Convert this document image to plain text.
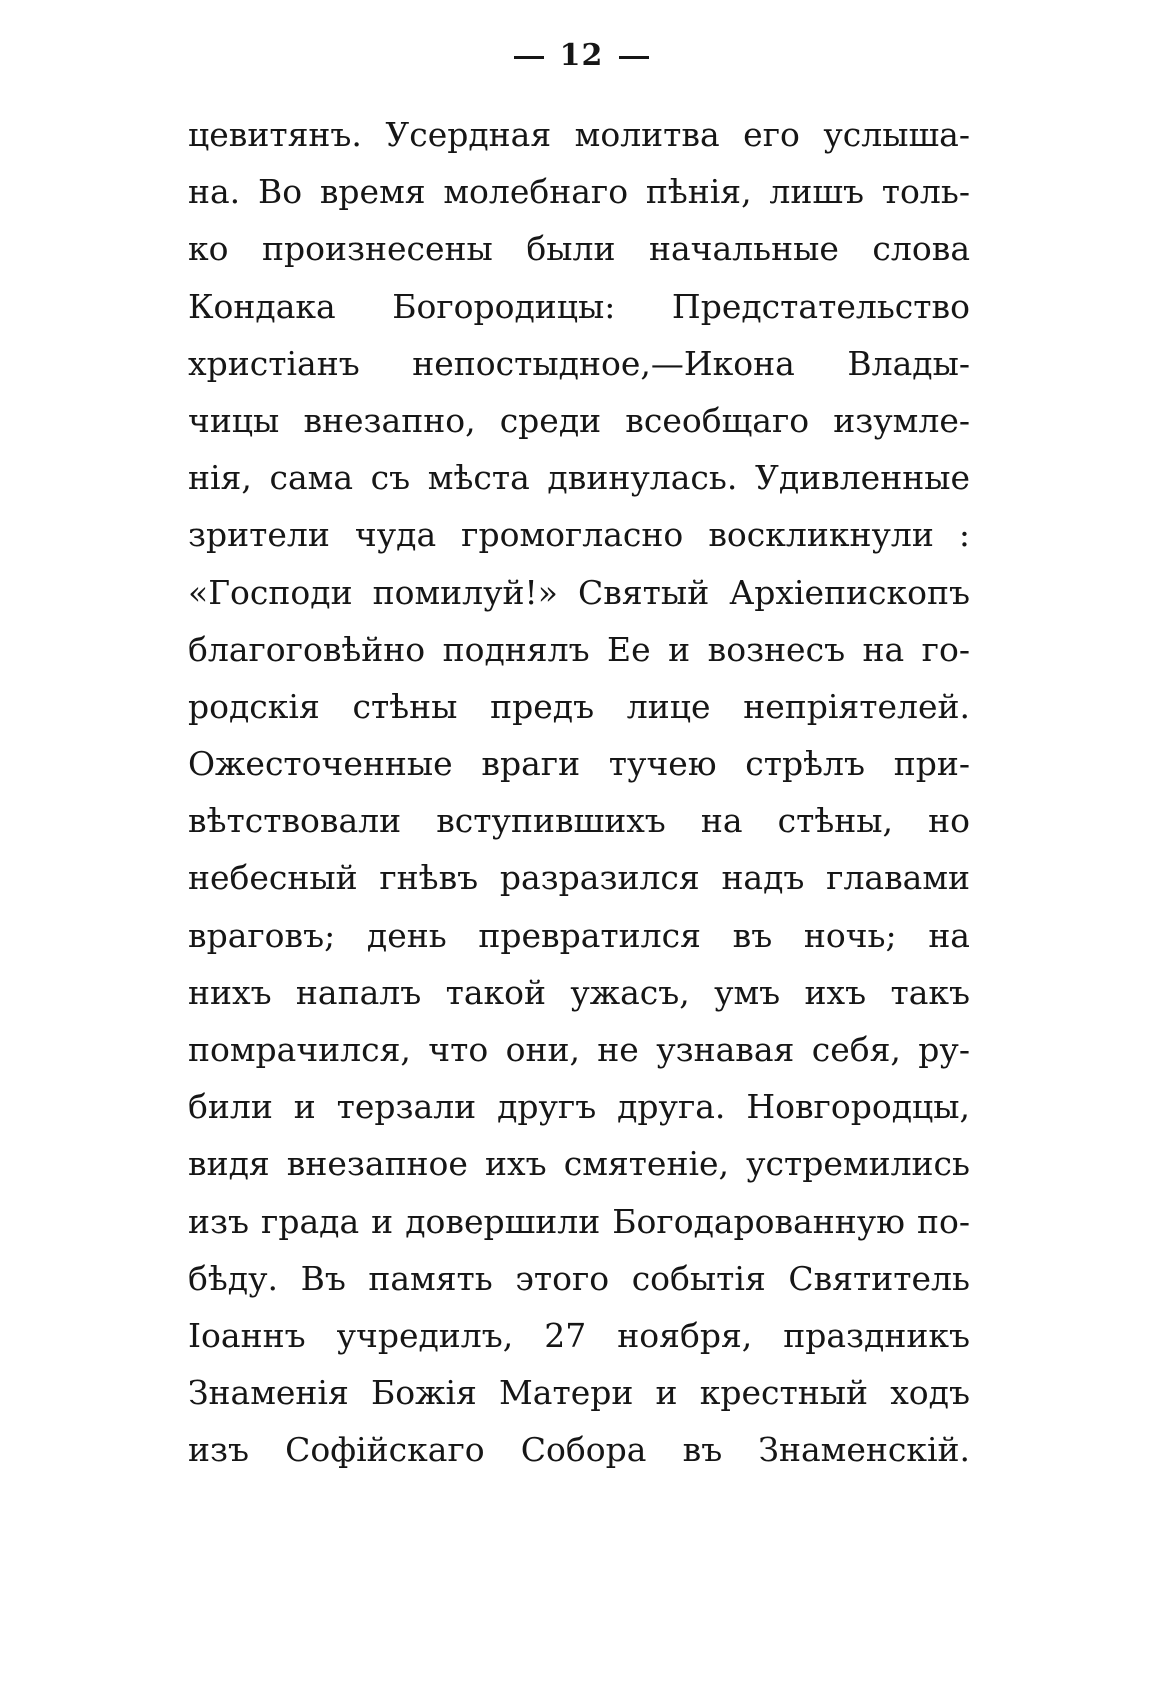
12
цевитянъ. Усердная молитва его услыша-
на. Во время молебнаго пѣнія, лишъ толь-
ко произнесены были начальные слова
Кондака Богородицы: Предстательство
христіанъ непостыдное,—Икона Влады-
чицы внезапно, среди всеобщаго изумле-
нія, сама съ мѣста двинулась. Удивленные
зрители чуда громогласно воскликнули :
«Господи помилуй!» Святый Архіепископъ
благоговѣйно поднялъ Ее и вознесъ на го-
родскія стѣны предъ лице непріятелей.
Ожесточенные враги тучею стрѣлъ при-
вѣтствовали вступившихъ на стѣны, но
небесный гнѣвъ разразился надъ главами
враговъ; день превратился въ ночь; на
нихъ напалъ такой ужасъ, умъ ихъ такъ
помрачился, что они, не узнавая себя, ру-
били и терзали другъ друга. Новгородцы,
видя внезапное ихъ смятеніе, устремились
изъ града и довершили Богодарованную по-
бѣду. Въ память этого событія Святитель
Іоаннъ учредилъ, 27 ноября, праздникъ
Знаменія Божія Матери и крестный ходъ
изъ Софійскаго Собора въ Знаменскій.
